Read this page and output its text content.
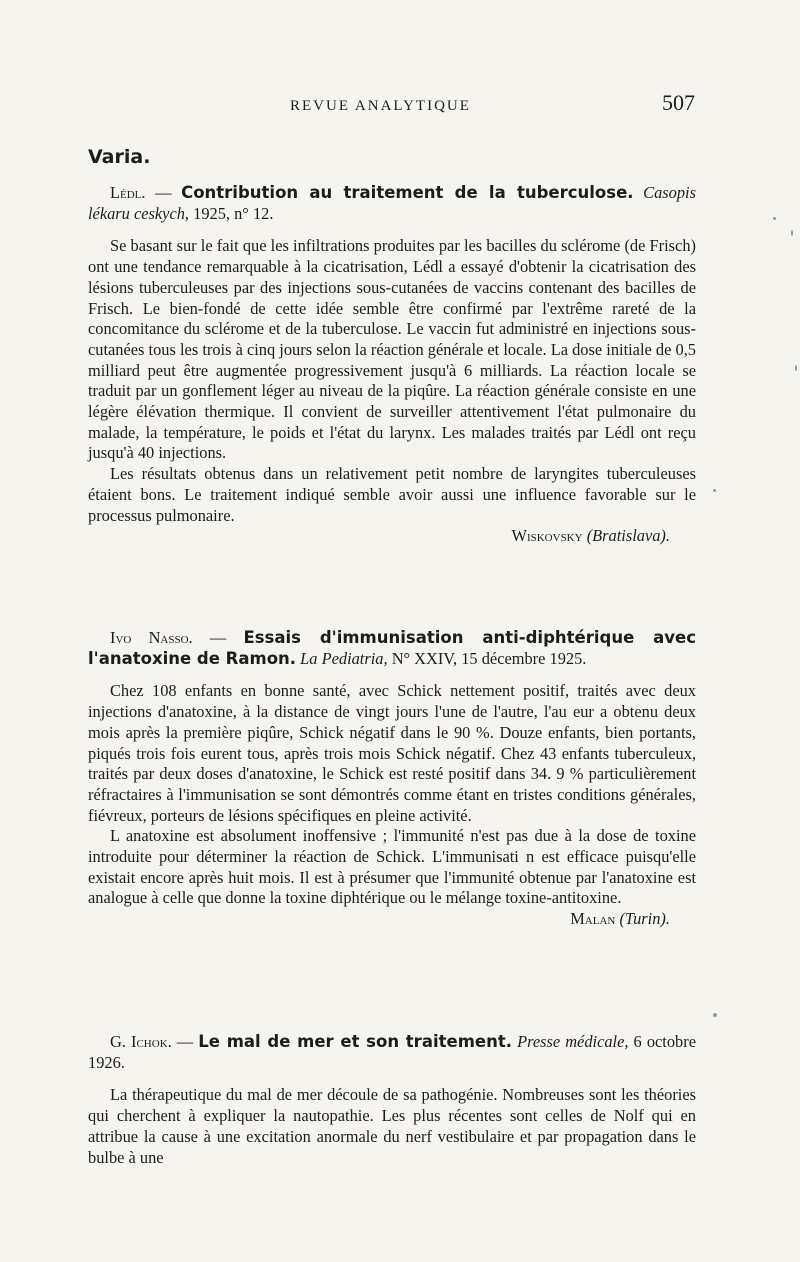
REVUE ANALYTIQUE	507
Varia.

Lédl. — Contribution au traitement de la tuberculose. Casopis lékaru ceskych, 1925, n° 12.

Se basant sur le fait que les infiltrations produites par les bacilles du sclérome (de Frisch) ont une tendance remarquable à la cicatrisation, Lédl a essayé d'obtenir la cicatrisation des lésions tuberculeuses par des injections sous-cutanées de vaccins contenant des bacilles de Frisch. Le bien-fondé de cette idée semble être confirmé par l'extrême rareté de la concomitance du sclérome et de la tuberculose. Le vaccin fut administré en injections sous-cutanées tous les trois à cinq jours selon la réaction générale et locale. La dose initiale de 0,5 milliard peut être augmentée progressivement jusqu'à 6 milliards. La réaction locale se traduit par un gonflement léger au niveau de la piqûre. La réaction générale consiste en une légère élévation thermique. Il convient de surveiller attentivement l'état pulmonaire du malade, la température, le poids et l'état du larynx. Les malades traités par Lédl ont reçu jusqu'à 40 injections.

Les résultats obtenus dans un relativement petit nombre de laryngites tuberculeuses étaient bons. Le traitement indiqué semble avoir aussi une influence favorable sur le processus pulmonaire.

Wiskovsky (Bratislava).

Ivo Nasso. — Essais d'immunisation anti-diphtérique avec l'anatoxine de Ramon. La Pediatria, N° XXIV, 15 décembre 1925.

Chez 108 enfants en bonne santé, avec Schick nettement positif, traités avec deux injections d'anatoxine, à la distance de vingt jours l'une de l'autre, l'au eur a obtenu deux mois après la première piqûre, Schick négatif dans le 90 %. Douze enfants, bien portants, piqués trois fois eurent tous, après trois mois Schick négatif. Chez 43 enfants tuberculeux, traités par deux doses d'anatoxine, le Schick est resté positif dans 34. 9 % particulièrement réfractaires à l'immunisation se sont démontrés comme étant en tristes conditions générales, fiévreux, porteurs de lésions spécifiques en pleine activité.

L anatoxine est absolument inoffensive ; l'immunité n'est pas due à la dose de toxine introduite pour déterminer la réaction de Schick. L'immunisati n est efficace puisqu'elle existait encore après huit mois. Il est à présumer que l'immunité obtenue par l'anatoxine est analogue à celle que donne la toxine diphtérique ou le mélange toxine-antitoxine.

Malan (Turin).

G. Ichok. — Le mal de mer et son traitement. Presse médicale, 6 octobre 1926.

La thérapeutique du mal de mer découle de sa pathogénie. Nombreuses sont les théories qui cherchent à expliquer la nautopathie. Les plus récentes sont celles de Nolf qui en attribue la cause à une excitation anormale du nerf vestibulaire et par propagation dans le bulbe à une
